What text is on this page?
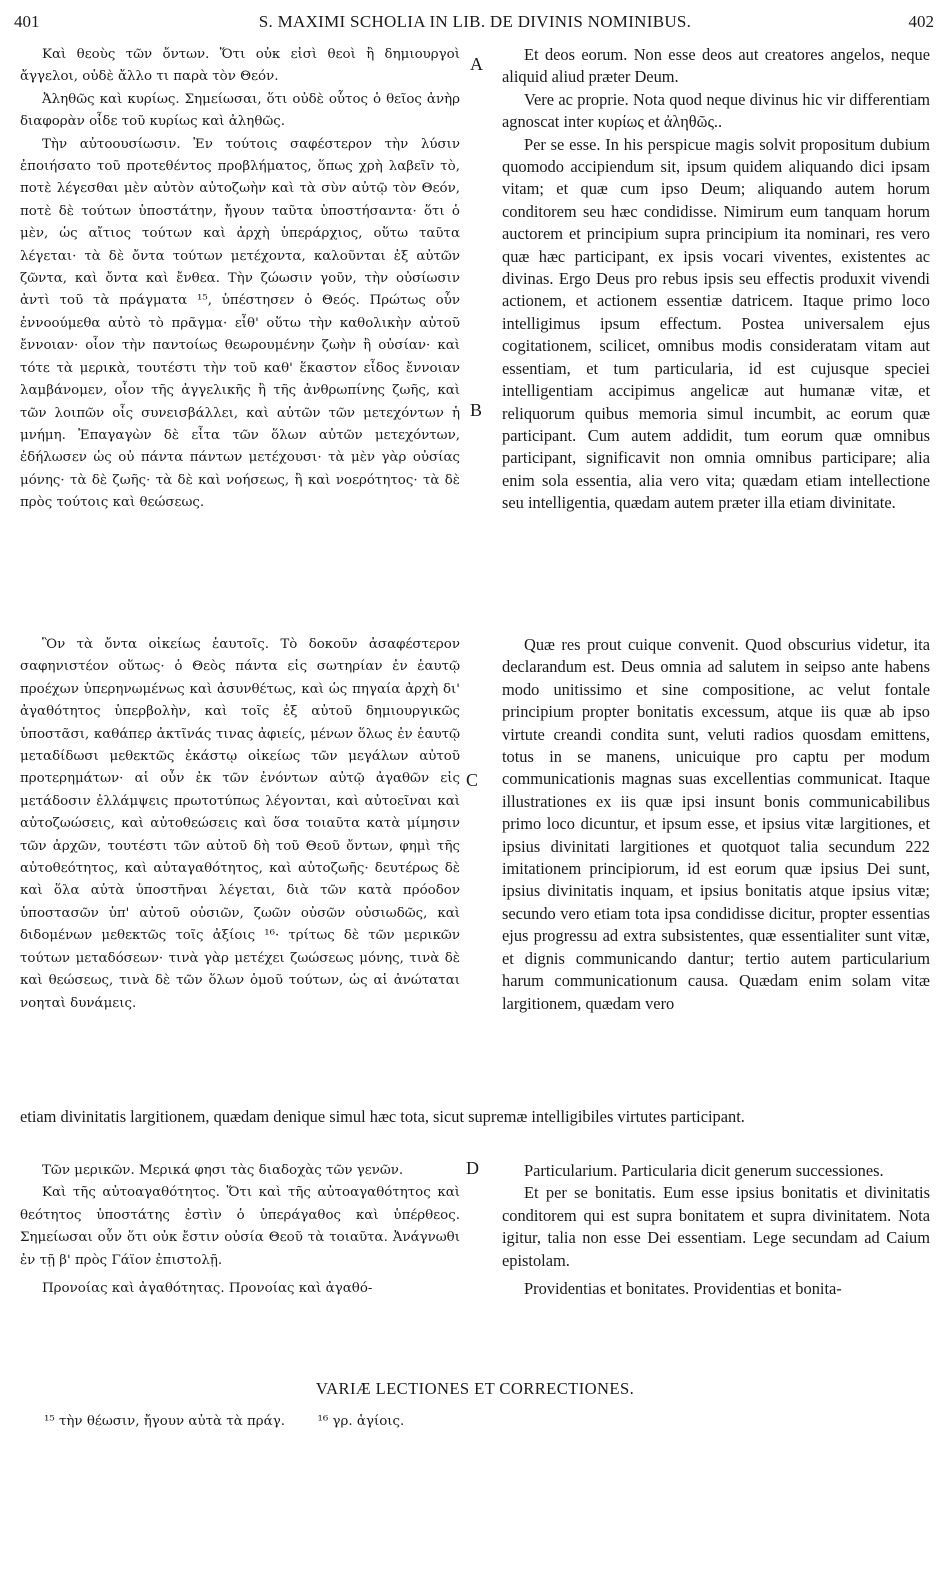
401	S. MAXIMI SCHOLIA IN LIB. DE DIVINIS NOMINIBUS.	402

Καὶ θεοὺς τῶν ὄντων. Ὅτι οὐκ εἰσὶ θεοὶ ἢ δημιουργοὶ ἄγγελοι, οὐδὲ ἄλλο τι παρὰ τὸν Θεόν.

Ἀληθῶς καὶ κυρίως. Σημείωσαι, ὅτι οὐδὲ οὗτος ὁ θεῖος ἀνὴρ διαφορὰν οἶδε τοῦ κυρίως καὶ ἀληθῶς.

Τὴν αὐτοουσίωσιν. Ἐν τούτοις σαφέστερον τὴν λύσιν ἐποιήσατο τοῦ προτεθέντος προβλήματος, ὅπως χρὴ λαβεῖν τὸ, ποτὲ λέγεσθαι μὲν αὐτὸν αὐτοζωὴν καὶ τὰ σὺν αὐτῷ τὸν Θεόν, ποτὲ δὲ τούτων ὑποστάτην, ἤγουν ταῦτα ὑποστήσαντα· ὅτι ὁ μὲν, ὡς αἴτιος τούτων καὶ ἀρχὴ ὑπεράρχιος, οὕτω ταῦτα λέγεται· τὰ δὲ ὄντα τούτων μετέχοντα, καλοῦνται ἐξ αὐτῶν ζῶντα, καὶ ὄντα καὶ ἔνθεα. Τὴν ζώωσιν γοῦν, τὴν οὐσίωσιν ἀντὶ τοῦ τὰ πράγματα ¹⁵, ὑπέστησεν ὁ Θεός. Πρώτως οὖν ἐννοούμεθα αὐτὸ τὸ πρᾶγμα· εἶθ' οὕτω τὴν καθολικὴν αὐτοῦ ἔννοιαν· οἷον τὴν παντοίως θεωρουμένην ζωὴν ἢ οὐσίαν· καὶ τότε τὰ μερικὰ, τουτέστι τὴν τοῦ καθ' ἕκαστον εἶδος ἔννοιαν λαμβάνομεν, οἷον τῆς ἀγγελικῆς ἢ τῆς ἀνθρωπίνης ζωῆς, καὶ τῶν λοιπῶν οἷς συνεισβάλλει, καὶ αὐτῶν τῶν μετεχόντων ἡ μνήμη. Ἐπαγαγὼν δὲ εἶτα τῶν ὅλων αὐτῶν μετεχόντων, ἐδήλωσεν ὡς οὐ πάντα πάντων μετέχουσι· τὰ μὲν γὰρ οὐσίας μόνης· τὰ δὲ ζωῆς· τὰ δὲ καὶ νοήσεως, ἢ καὶ νοερότητος· τὰ δὲ πρὸς τούτοις καὶ θεώσεως.

Et deos eorum. Non esse deos aut creatores angelos, neque aliquid aliud præter Deum.

Vere ac proprie. Nota quod neque divinus hic vir differentiam agnoscat inter κυρίως et ἀληθῶς..

Per se esse. In his perspicue magis solvit propositum dubium quomodo accipiendum sit, ipsum quidem aliquando dici ipsam vitam; et quæ cum ipso Deum; aliquando autem horum conditorem seu hæc condidisse. Nimirum eum tanquam horum auctorem et principium supra principium ita nominari, res vero quæ hæc participant, ex ipsis vocari viventes, existentes ac divinas. Ergo Deus pro rebus ipsis seu effectis produxit vivendi actionem, et actionem essentiæ datricem. Itaque primo loco intelligimus ipsum effectum. Postea universalem ejus cogitationem, scilicet, omnibus modis consideratam vitam aut essentiam, et tum particularia, id est cujusque speciei intelligentiam accipimus angelicæ aut humanæ vitæ, et reliquorum quibus memoria simul incumbit, ac eorum quæ participant. Cum autem addidit, tum eorum quæ omnibus participant, significavit non omnia omnibus participare; alia enim sola essentia, alia vero vita; quædam etiam intellectione seu intelligentia, quædam autem præter illa etiam divinitate.

A
B

Ὃν τὰ ὄντα οἰκείως ἑαυτοῖς. Τὸ δοκοῦν ἀσαφέστερον σαφηνιστέον οὕτως· ὁ Θεὸς πάντα εἰς σωτηρίαν ἐν ἑαυτῷ προέχων ὑπερηνωμένως καὶ ἀσυνθέτως, καὶ ὡς πηγαία ἀρχὴ δι' ἀγαθότητος ὑπερβολὴν, καὶ τοῖς ἐξ αὐτοῦ δημιουργικῶς ὑποστᾶσι, καθάπερ ἀκτῖνάς τινας ἀφιείς, μένων ὅλως ἐν ἑαυτῷ μεταδίδωσι μεθεκτῶς ἑκάστῳ οἰκείως τῶν μεγάλων αὐτοῦ προτερημάτων· αἱ οὖν ἐκ τῶν ἐνόντων αὐτῷ ἀγαθῶν εἰς μετάδοσιν ἐλλάμψεις πρωτοτύπως λέγονται, καὶ αὐτοεῖναι καὶ αὐτοζωώσεις, καὶ αὐτοθεώσεις καὶ ὅσα τοιαῦτα κατὰ μίμησιν τῶν ἀρχῶν, τουτέστι τῶν αὐτοῦ δὴ τοῦ Θεοῦ ὄντων, φημὶ τῆς αὐτοθεότητος, καὶ αὐταγαθότητος, καὶ αὐτοζωῆς· δευτέρως δὲ καὶ ὅλα αὐτὰ ὑποστῆναι λέγεται, διὰ τῶν κατὰ πρόοδον ὑποστασῶν ὑπ' αὐτοῦ οὐσιῶν, ζωῶν οὐσῶν οὐσιωδῶς, καὶ διδομένων μεθεκτῶς τοῖς ἀξίοις ¹⁶· τρίτως δὲ τῶν μερικῶν τούτων μεταδόσεων· τινὰ γὰρ μετέχει ζωώσεως μόνης, τινὰ δὲ καὶ θεώσεως, τινὰ δὲ τῶν ὅλων ὁμοῦ τούτων, ὡς αἱ ἀνώταται νοηταὶ δυνάμεις.

Quæ res prout cuique convenit. Quod obscurius videtur, ita declarandum est. Deus omnia ad salutem in seipso ante habens modo unitissimo et sine compositione, ac velut fontale principium propter bonitatis excessum, atque iis quæ ab ipso virtute creandi condita sunt, veluti radios quosdam emittens, totus in se manens, unicuique pro captu per modum communicationis magnas suas excellentias communicat. Itaque illustrationes ex iis quæ ipsi insunt bonis communicabilibus primo loco dicuntur, et ipsum esse, et ipsius vitæ largitiones, et ipsius divinitati largitiones et quotquot talia secundum 222 imitationem principiorum, id est eorum quæ ipsius Dei sunt, ipsius divinitatis inquam, et ipsius bonitatis atque ipsius vitæ; secundo vero etiam tota ipsa condidisse dicitur, propter essentias ejus progressu ad extra subsistentes, quæ essentialiter sunt vitæ, et dignis communicando dantur; tertio autem particularium harum communicationum causa. Quædam enim solam vitæ largitionem, quædam vero

C

etiam divinitatis largitionem, quædam denique simul hæc tota, sicut supremæ intelligibiles virtutes participant.

Τῶν μερικῶν. Μερικά φησι τὰς διαδοχὰς τῶν γενῶν.

Καὶ τῆς αὐτοαγαθότητος. Ὅτι καὶ τῆς αὐτοαγαθότητος καὶ θεότητος ὑποστάτης ἐστὶν ὁ ὑπεράγαθος καὶ ὑπέρθεος. Σημείωσαι οὖν ὅτι οὐκ ἔστιν οὐσία Θεοῦ τὰ τοιαῦτα. Ἀνάγνωθι ἐν τῇ β' πρὸς Γάϊον ἐπιστολῇ.

Προνοίας καὶ ἀγαθότητας. Προνοίας καὶ ἀγαθό-

Particularium. Particularia dicit generum successiones.

Et per se bonitatis. Eum esse ipsius bonitatis et divinitatis conditorem qui est supra bonitatem et supra divinitatem. Nota igitur, talia non esse Dei essentiam. Lege secundam ad Caium epistolam.

Providentias et bonitates. Providentias et bonita-

D
VARIÆ LECTIONES ET CORRECTIONES.
¹⁵ τὴν θέωσιν, ἤγουν αὐτὰ τὰ πράγ. ¹⁶ γρ. ἁγίοις.
